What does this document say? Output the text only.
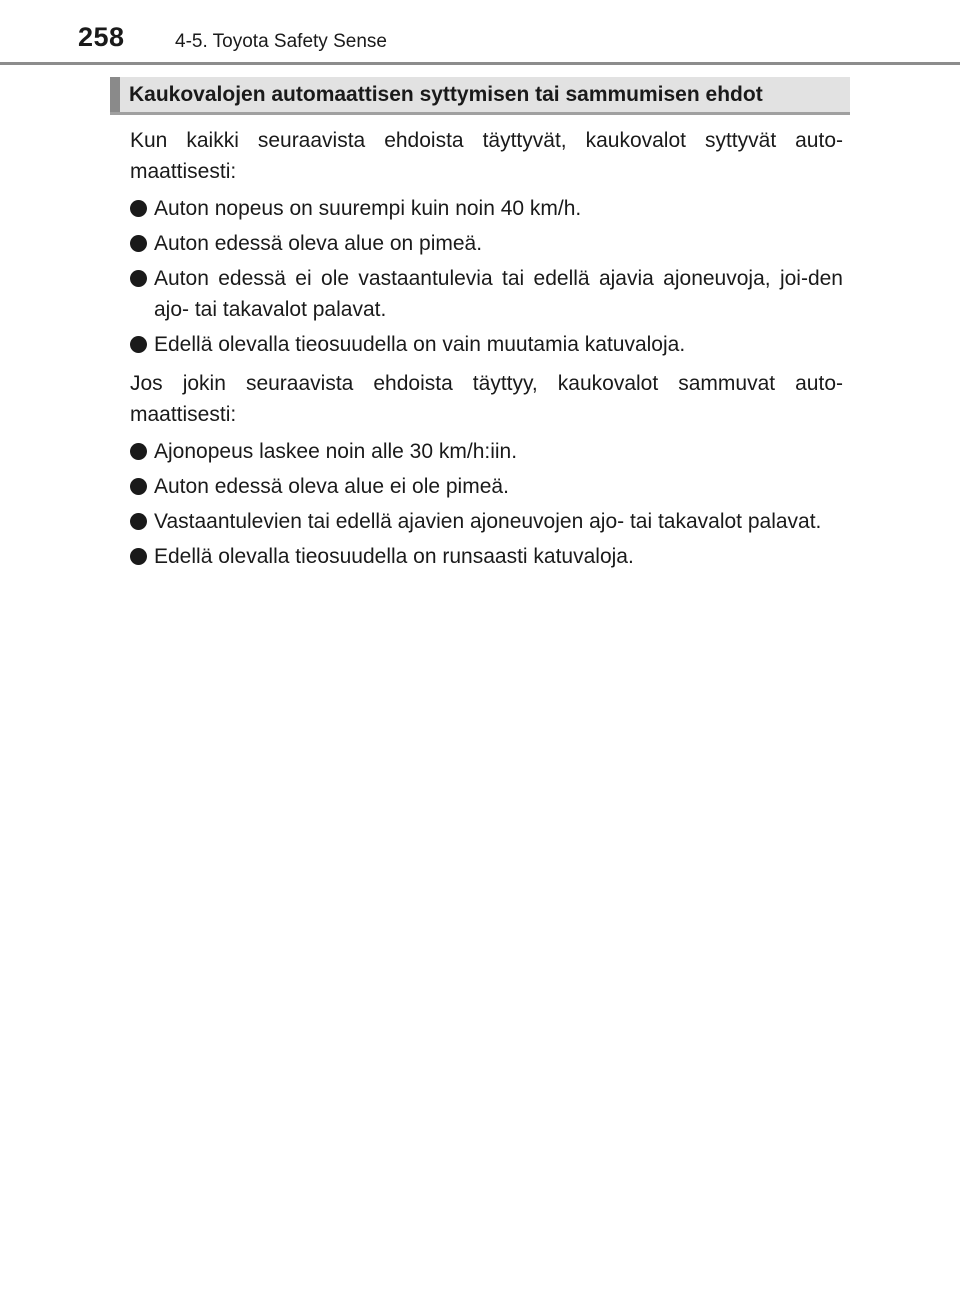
258	4-5. Toyota Safety Sense
Kaukovalojen automaattisen syttymisen tai sammumisen ehdot

Kun kaikki seuraavista ehdoista täyttyvät, kaukovalot syttyvät auto-maattisesti:

Auton nopeus on suurempi kuin noin 40 km/h.
Auton edessä oleva alue on pimeä.
Auton edessä ei ole vastaantulevia tai edellä ajavia ajoneuvoja, joi-den ajo- tai takavalot palavat.
Edellä olevalla tieosuudella on vain muutamia katuvaloja.

Jos jokin seuraavista ehdoista täyttyy, kaukovalot sammuvat auto-maattisesti:

Ajonopeus laskee noin alle 30 km/h:iin.
Auton edessä oleva alue ei ole pimeä.
Vastaantulevien tai edellä ajavien ajoneuvojen ajo- tai takavalot palavat.
Edellä olevalla tieosuudella on runsaasti katuvaloja.
